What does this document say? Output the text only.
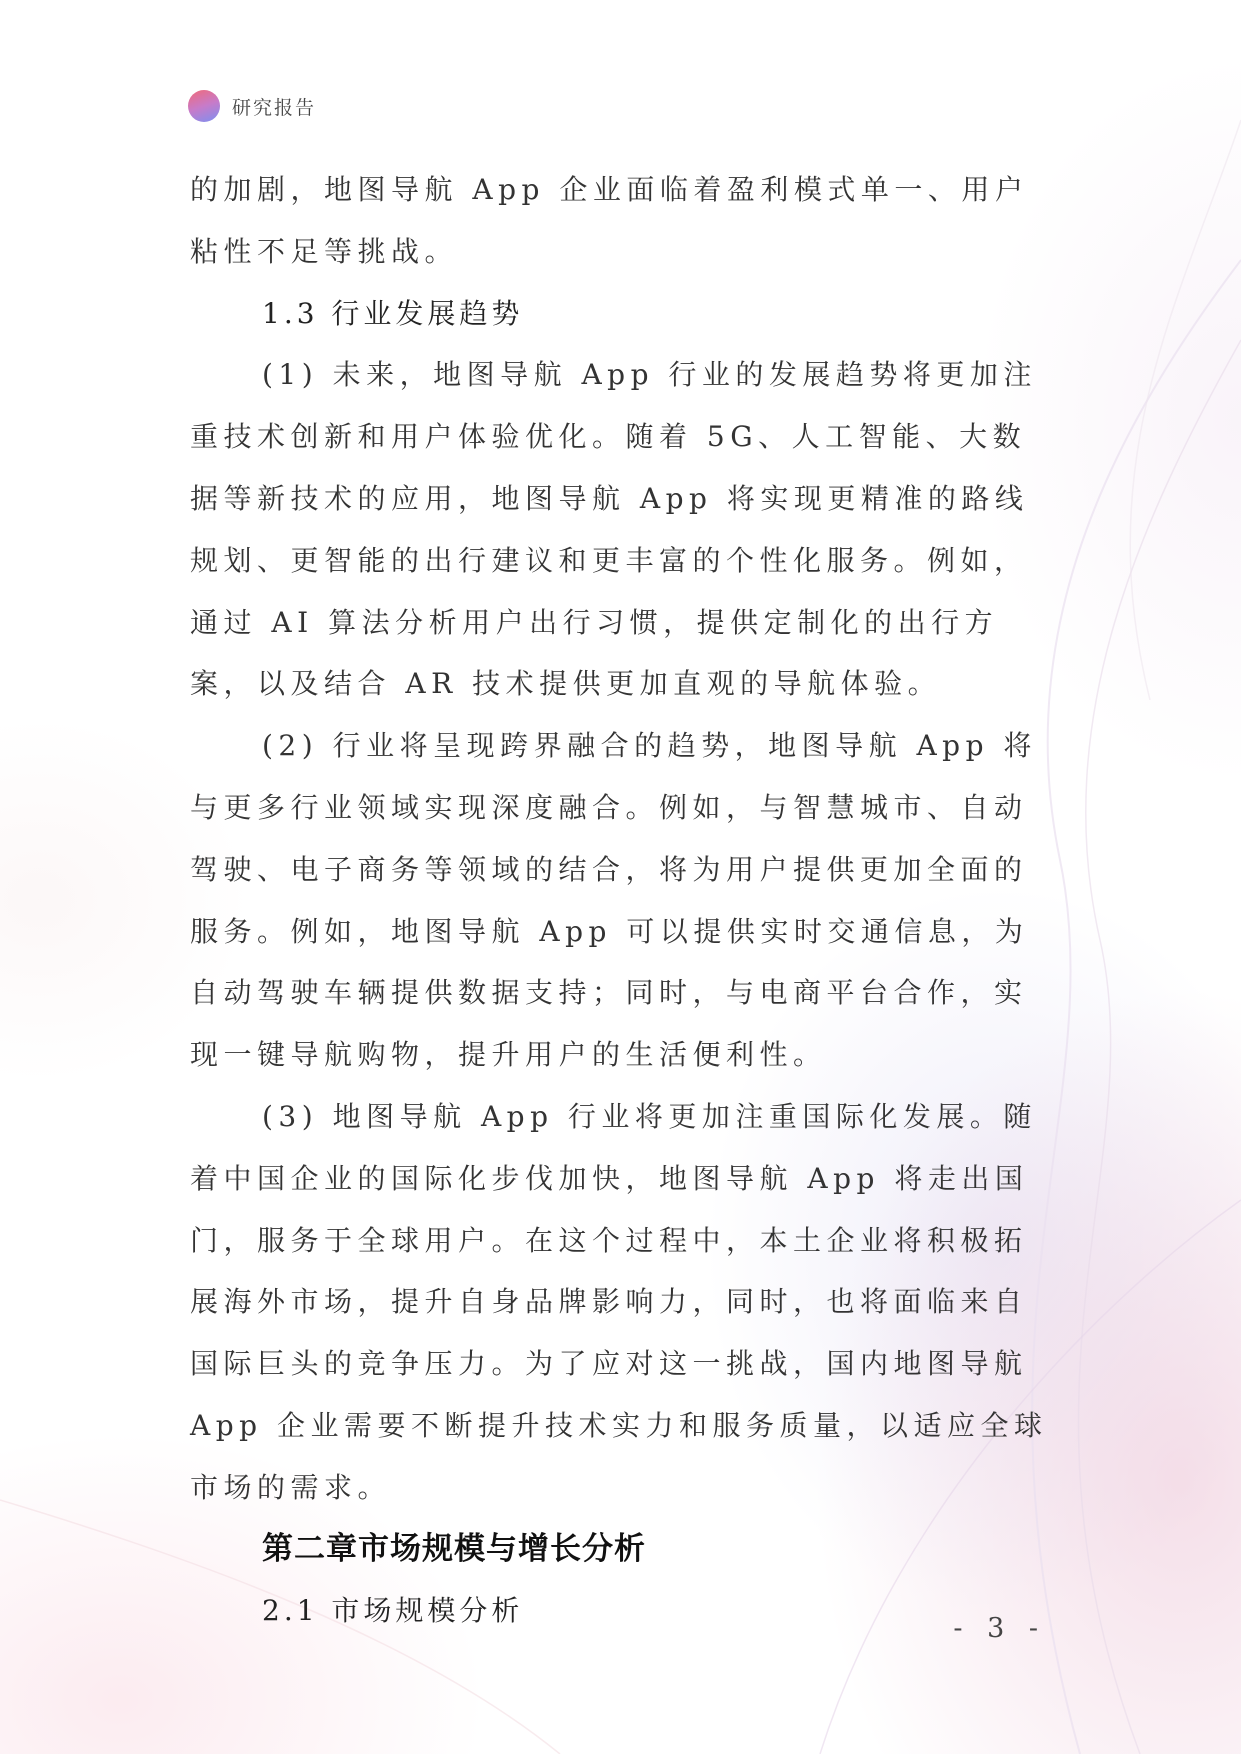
研究报告

的加剧，地图导航 App 企业面临着盈利模式单一、用户粘性不足等挑战。

1.3 行业发展趋势

(1) 未来，地图导航 App 行业的发展趋势将更加注重技术创新和用户体验优化。随着 5G、人工智能、大数据等新技术的应用，地图导航 App 将实现更精准的路线规划、更智能的出行建议和更丰富的个性化服务。例如，通过 AI 算法分析用户出行习惯，提供定制化的出行方案，以及结合 AR 技术提供更加直观的导航体验。

(2) 行业将呈现跨界融合的趋势，地图导航 App 将与更多行业领域实现深度融合。例如，与智慧城市、自动驾驶、电子商务等领域的结合，将为用户提供更加全面的服务。例如，地图导航 App 可以提供实时交通信息，为自动驾驶车辆提供数据支持；同时，与电商平台合作，实现一键导航购物，提升用户的生活便利性。

(3) 地图导航 App 行业将更加注重国际化发展。随着中国企业的国际化步伐加快，地图导航 App 将走出国门，服务于全球用户。在这个过程中，本土企业将积极拓展海外市场，提升自身品牌影响力，同时，也将面临来自国际巨头的竞争压力。为了应对这一挑战，国内地图导航 App 企业需要不断提升技术实力和服务质量，以适应全球市场的需求。

第二章市场规模与增长分析

2.1 市场规模分析

- 3 -
